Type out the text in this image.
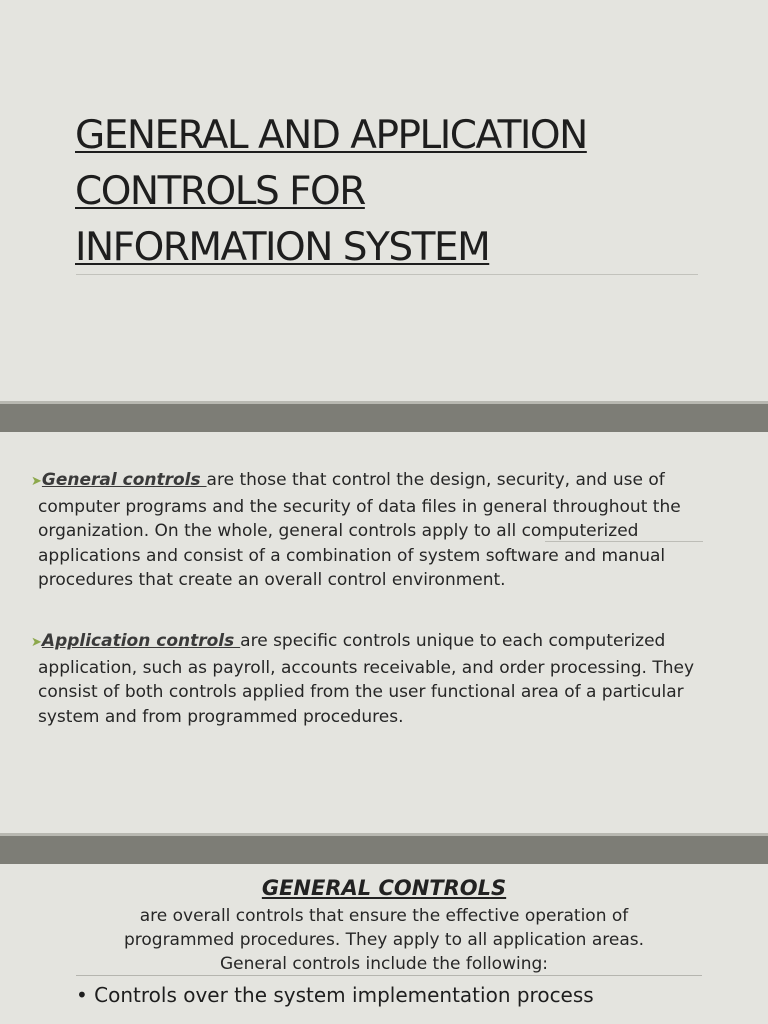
GENERAL AND APPLICATION
CONTROLS FOR
INFORMATION SYSTEM

➤General controls are those that control the design, security, and use of computer programs and the security of data files in general throughout the organization. On the whole, general controls apply to all computerized applications and consist of a combination of system software and manual procedures that create an overall control environment.

➤Application controls are specific controls unique to each computerized application, such as payroll, accounts receivable, and order processing. They consist of both controls applied from the user functional area of a particular system and from programmed procedures.

GENERAL CONTROLS

are overall controls that ensure the effective operation of
programmed procedures. They apply to all application areas.
General controls include the following:

• Controls over the system implementation process
